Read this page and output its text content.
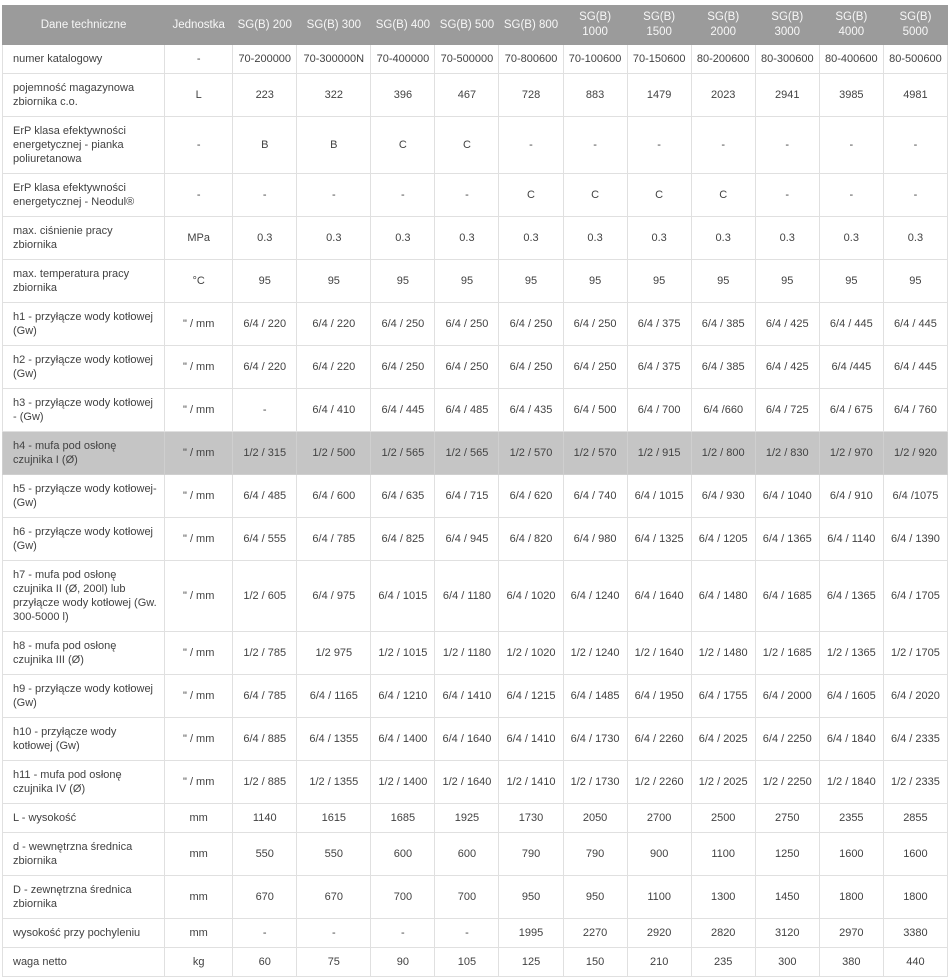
Dane techniczne	Jednostka	SG(B) 200	SG(B) 300	SG(B) 400	SG(B) 500	SG(B) 800	SG(B) 1000	SG(B) 1500	SG(B) 2000	SG(B) 3000	SG(B) 4000	SG(B) 5000
numer katalogowy	-	70-200000	70-300000N	70-400000	70-500000	70-800600	70-100600	70-150600	80-200600	80-300600	80-400600	80-500600
pojemność magazynowa zbiornika c.o.	L	223	322	396	467	728	883	1479	2023	2941	3985	4981
ErP klasa efektywności energetycznej - pianka poliuretanowa	-	B	B	C	C	-	-	-	-	-	-	-
ErP klasa efektywności energetycznej - Neodul®	-	-	-	-	-	C	C	C	C	-	-	-
max. ciśnienie pracy zbiornika	MPa	0.3	0.3	0.3	0.3	0.3	0.3	0.3	0.3	0.3	0.3	0.3
max. temperatura pracy zbiornika	°C	95	95	95	95	95	95	95	95	95	95	95
h1 - przyłącze wody kotłowej (Gw)	" / mm	6/4 / 220	6/4 / 220	6/4 / 250	6/4 / 250	6/4 / 250	6/4 / 250	6/4 / 375	6/4 / 385	6/4 / 425	6/4 / 445	6/4 / 445
h2 - przyłącze wody kotłowej (Gw)	" / mm	6/4 / 220	6/4 / 220	6/4 / 250	6/4 / 250	6/4 / 250	6/4 / 250	6/4 / 375	6/4 / 385	6/4 / 425	6/4 /445	6/4 / 445
h3 - przyłącze wody kotłowej - (Gw)	" / mm	-	6/4 / 410	6/4 / 445	6/4 / 485	6/4 / 435	6/4 / 500	6/4 / 700	6/4 /660	6/4 / 725	6/4 / 675	6/4 / 760
h4 - mufa pod osłonę czujnika I (Ø)	" / mm	1/2 / 315	1/2 / 500	1/2 / 565	1/2 / 565	1/2 / 570	1/2 / 570	1/2 / 915	1/2 / 800	1/2 / 830	1/2 / 970	1/2 / 920
h5 - przyłącze wody kotłowej- (Gw)	" / mm	6/4 / 485	6/4 / 600	6/4 / 635	6/4 / 715	6/4 / 620	6/4 / 740	6/4 / 1015	6/4 / 930	6/4 / 1040	6/4 / 910	6/4 /1075
h6 - przyłącze wody kotłowej (Gw)	" / mm	6/4 / 555	6/4 / 785	6/4 / 825	6/4 / 945	6/4 / 820	6/4 / 980	6/4 / 1325	6/4 / 1205	6/4 / 1365	6/4 / 1140	6/4 / 1390
h7 - mufa pod osłonę czujnika II (Ø, 200l) lub przyłącze wody kotłowej (Gw. 300-5000 l)	" / mm	1/2 / 605	6/4 / 975	6/4 / 1015	6/4 / 1180	6/4 / 1020	6/4 / 1240	6/4 / 1640	6/4 / 1480	6/4 / 1685	6/4 / 1365	6/4 / 1705
h8 - mufa pod osłonę czujnika III (Ø)	" / mm	1/2 / 785	1/2 975	1/2 / 1015	1/2 / 1180	1/2 / 1020	1/2 / 1240	1/2 / 1640	1/2 / 1480	1/2 / 1685	1/2 / 1365	1/2 / 1705
h9 - przyłącze wody kotłowej (Gw)	" / mm	6/4 / 785	6/4 / 1165	6/4 / 1210	6/4 / 1410	6/4 / 1215	6/4 / 1485	6/4 / 1950	6/4 / 1755	6/4 / 2000	6/4 / 1605	6/4 / 2020
h10 - przyłącze wody kotłowej (Gw)	" / mm	6/4 / 885	6/4 / 1355	6/4 / 1400	6/4 / 1640	6/4 / 1410	6/4 / 1730	6/4 / 2260	6/4 / 2025	6/4 / 2250	6/4 / 1840	6/4 / 2335
h11 - mufa pod osłonę czujnika IV (Ø)	" / mm	1/2 / 885	1/2 / 1355	1/2 / 1400	1/2 / 1640	1/2 / 1410	1/2 / 1730	1/2 / 2260	1/2 / 2025	1/2 / 2250	1/2 / 1840	1/2 / 2335
L - wysokość	mm	1140	1615	1685	1925	1730	2050	2700	2500	2750	2355	2855
d - wewnętrzna średnica zbiornika	mm	550	550	600	600	790	790	900	1100	1250	1600	1600
D - zewnętrzna średnica zbiornika	mm	670	670	700	700	950	950	1100	1300	1450	1800	1800
wysokość przy pochyleniu	mm	-	-	-	-	1995	2270	2920	2820	3120	2970	3380
waga netto	kg	60	75	90	105	125	150	210	235	300	380	440
